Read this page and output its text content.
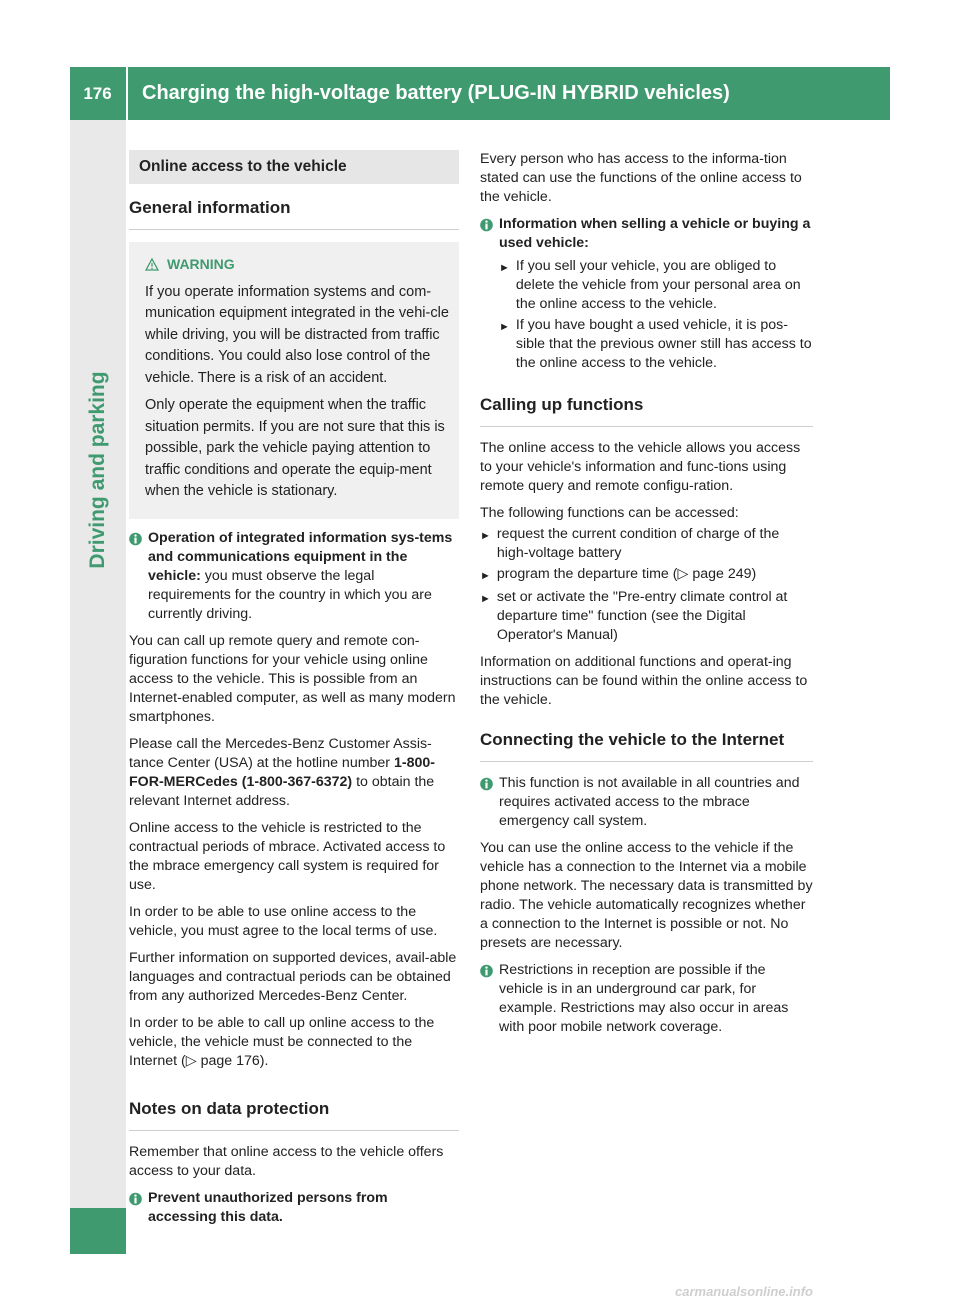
176	Charging the high-voltage battery (PLUG-IN HYBRID vehicles)
Driving and parking
Online access to the vehicle
General information
WARNING

If you operate information systems and com-munication equipment integrated in the vehi-cle while driving, you will be distracted from traffic conditions. You could also lose control of the vehicle. There is a risk of an accident.

Only operate the equipment when the traffic situation permits. If you are not sure that this is possible, park the vehicle paying attention to traffic conditions and operate the equip-ment when the vehicle is stationary.

Operation of integrated information sys-tems and communications equipment in the vehicle: you must observe the legal requirements for the country in which you are currently driving.

You can call up remote query and remote con-figuration functions for your vehicle using online access to the vehicle. This is possible from an Internet-enabled computer, as well as many modern smartphones.

Please call the Mercedes-Benz Customer Assis-tance Center (USA) at the hotline number 1-800-FOR-MERCedes (1-800-367-6372) to obtain the relevant Internet address.

Online access to the vehicle is restricted to the contractual periods of mbrace. Activated access to the mbrace emergency call system is required for use.

In order to be able to use online access to the vehicle, you must agree to the local terms of use.

Further information on supported devices, avail-able languages and contractual periods can be obtained from any authorized Mercedes-Benz Center.

In order to be able to call up online access to the vehicle, the vehicle must be connected to the Internet (▷ page 176).

Notes on data protection

Remember that online access to the vehicle offers access to your data.

Prevent unauthorized persons from accessing this data.

Every person who has access to the informa-tion stated can use the functions of the online access to the vehicle.

Information when selling a vehicle or buying a used vehicle:
► If you sell your vehicle, you are obliged to delete the vehicle from your personal area on the online access to the vehicle.
► If you have bought a used vehicle, it is pos-sible that the previous owner still has access to the online access to the vehicle.
Calling up functions

The online access to the vehicle allows you access to your vehicle's information and func-tions using remote query and remote configu-ration.

The following functions can be accessed:

► request the current condition of charge of the high-voltage battery
► program the departure time (▷ page 249)
► set or activate the "Pre-entry climate control at departure time" function (see the Digital Operator's Manual)

Information on additional functions and operat-ing instructions can be found within the online access to the vehicle.

Connecting the vehicle to the Internet
This function is not available in all countries and requires activated access to the mbrace emergency call system.

You can use the online access to the vehicle if the vehicle has a connection to the Internet via a mobile phone network. The necessary data is transmitted by radio. The vehicle automatically recognizes whether a connection to the Internet is possible or not. No presets are necessary.

Restrictions in reception are possible if the vehicle is in an underground car park, for example. Restrictions may also occur in areas with poor mobile network coverage.
carmanualsonline.info
